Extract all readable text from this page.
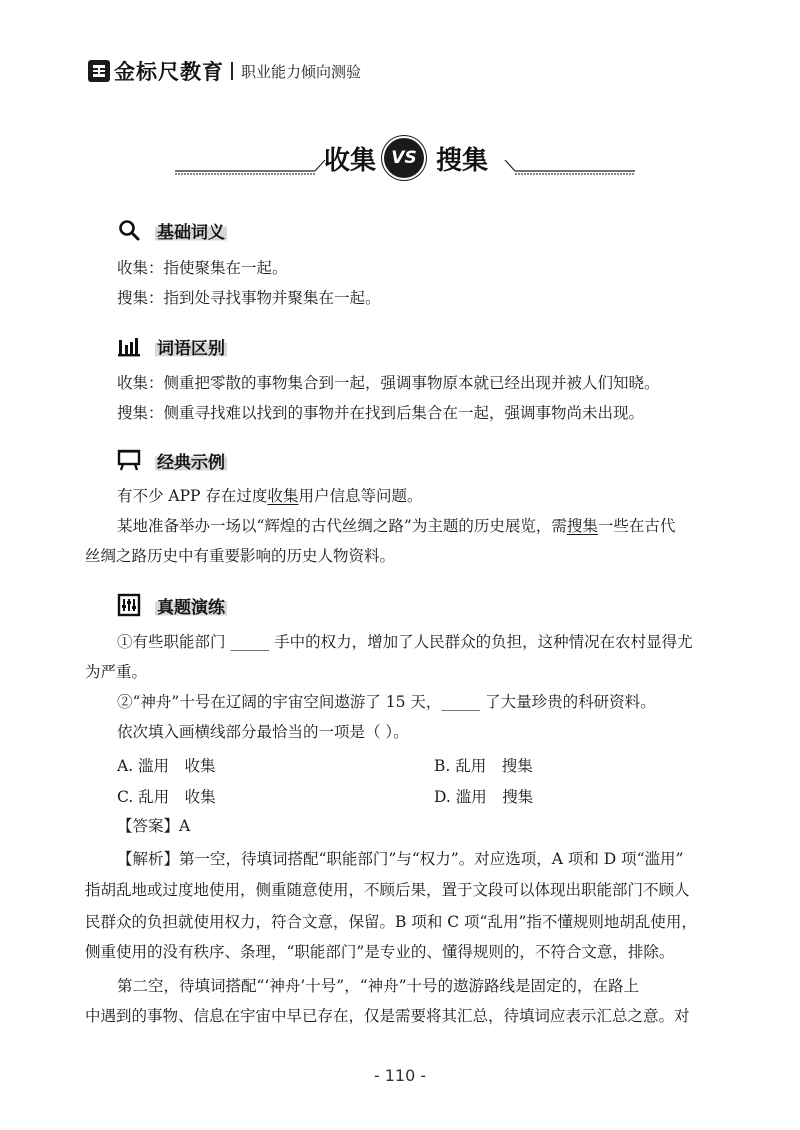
金标尺教育 职业能力倾向测验
收集 VS 搜集
基础词义
收集：指使聚集在一起。
搜集：指到处寻找事物并聚集在一起。
词语区别
收集：侧重把零散的事物集合到一起，强调事物原本就已经出现并被人们知晓。
搜集：侧重寻找难以找到的事物并在找到后集合在一起，强调事物尚未出现。
经典示例
有不少 APP 存在过度收集用户信息等问题。
某地准备举办一场以“辉煌的古代丝绸之路”为主题的历史展览，需搜集一些在古代
丝绸之路历史中有重要影响的历史人物资料。
真题演练
①有些职能部门 _____ 手中的权力，增加了人民群众的负担，这种情况在农村显得尤
为严重。
②“神舟”十号在辽阔的宇宙空间遨游了 15 天，_____ 了大量珍贵的科研资料。
依次填入画横线部分最恰当的一项是（ ）。
A. 滥用　收集	B. 乱用　搜集
C. 乱用　收集	D. 滥用　搜集
【答案】A
【解析】第一空，待填词搭配“职能部门”与“权力”。对应选项，A 项和 D 项“滥用”
指胡乱地或过度地使用，侧重随意使用，不顾后果，置于文段可以体现出职能部门不顾人
民群众的负担就使用权力，符合文意，保留。B 项和 C 项“乱用”指不懂规则地胡乱使用，
侧重使用的没有秩序、条理，“职能部门”是专业的、懂得规则的，不符合文意，排除。
第二空，待填词搭配“‘神舟’十号”，“神舟”十号的遨游路线是固定的，在路上
中遇到的事物、信息在宇宙中早已存在，仅是需要将其汇总，待填词应表示汇总之意。对
- 110 -
